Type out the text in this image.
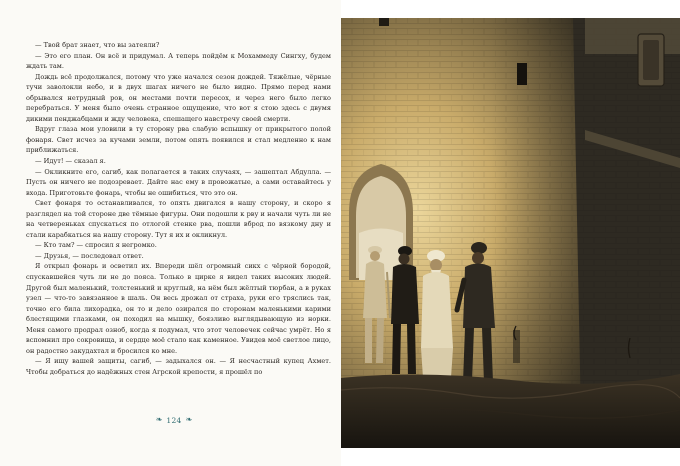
— Твой брат знает, что вы затеяли?

— Это его план. Он всё и придумал. А теперь пойдём к Мохаммеду Сингху, будем ждать там.

Дождь всё продолжался, потому что уже начался сезон дождей. Тяжёлые, чёрные тучи заволокли небо, и в двух шагах ничего не было видно. Прямо перед нами обрывался нетрудный ров, он местами почти пересох, и через него было легко перебраться. У меня было очень странное ощущение, что вот я стою здесь с двумя дикими пенджабцами и жду человека, спешащего навстречу своей смерти.

Вдруг глаза мои уловили в ту сторону рва слабую вспышку от прикрытого полой фонаря. Свет исчез за кучами земли, потом опять появился и стал медленно к нам приближаться.

— Идут! — сказал я.

— Окликните его, сагиб, как полагается в таких случаях, — зашептал Абдулла. — Пусть он ничего не подозревает. Дайте нас ему в провожатые, а сами оставайтесь у входа. Приготовьте фонарь, чтобы не ошибиться, что это он.

Свет фонаря то останавливался, то опять двигался в нашу сторону, и скоро я разглядел на той стороне две тёмные фигуры. Они подошли к рву и начали чуть ли не на четвереньках спускаться по отлогой стенке рва, пошли вброд по вязкому дну и стали карабкаться на нашу сторону. Тут я их и окликнул.

— Кто там? — спросил я негромко.

— Друзья, — последовал ответ.

Я открыл фонарь и осветил их. Впереди шёл огромный сикх с чёрной бородой, спускавшейся чуть ли не до пояса. Только в цирке я видел таких высоких людей. Другой был маленький, толстенький и круглый, на нём был жёлтый тюрбан, а в руках узел — что-то завязанное в шаль. Он весь дрожал от страха, руки его тряслись так, точно его била лихорадка, он то и дело озирался по сторонам маленькими карими блестящими глазками, он походил на мышку, боязливо выглядывающую из норки. Меня самого продрал озноб, когда я подумал, что этот человечек сейчас умрёт. Но я вспомнил про сокровища, и сердце моё стало как каменное. Увидев моё светлое лицо, он радостно закудахтал и бросился ко мне.

— Я ищу вашей защиты, сагиб, — задыхался он. — Я несчастный купец Ахмет. Чтобы добраться до надёжных стен Агрской крепости, я прошёл по

❧ 124 ❧
